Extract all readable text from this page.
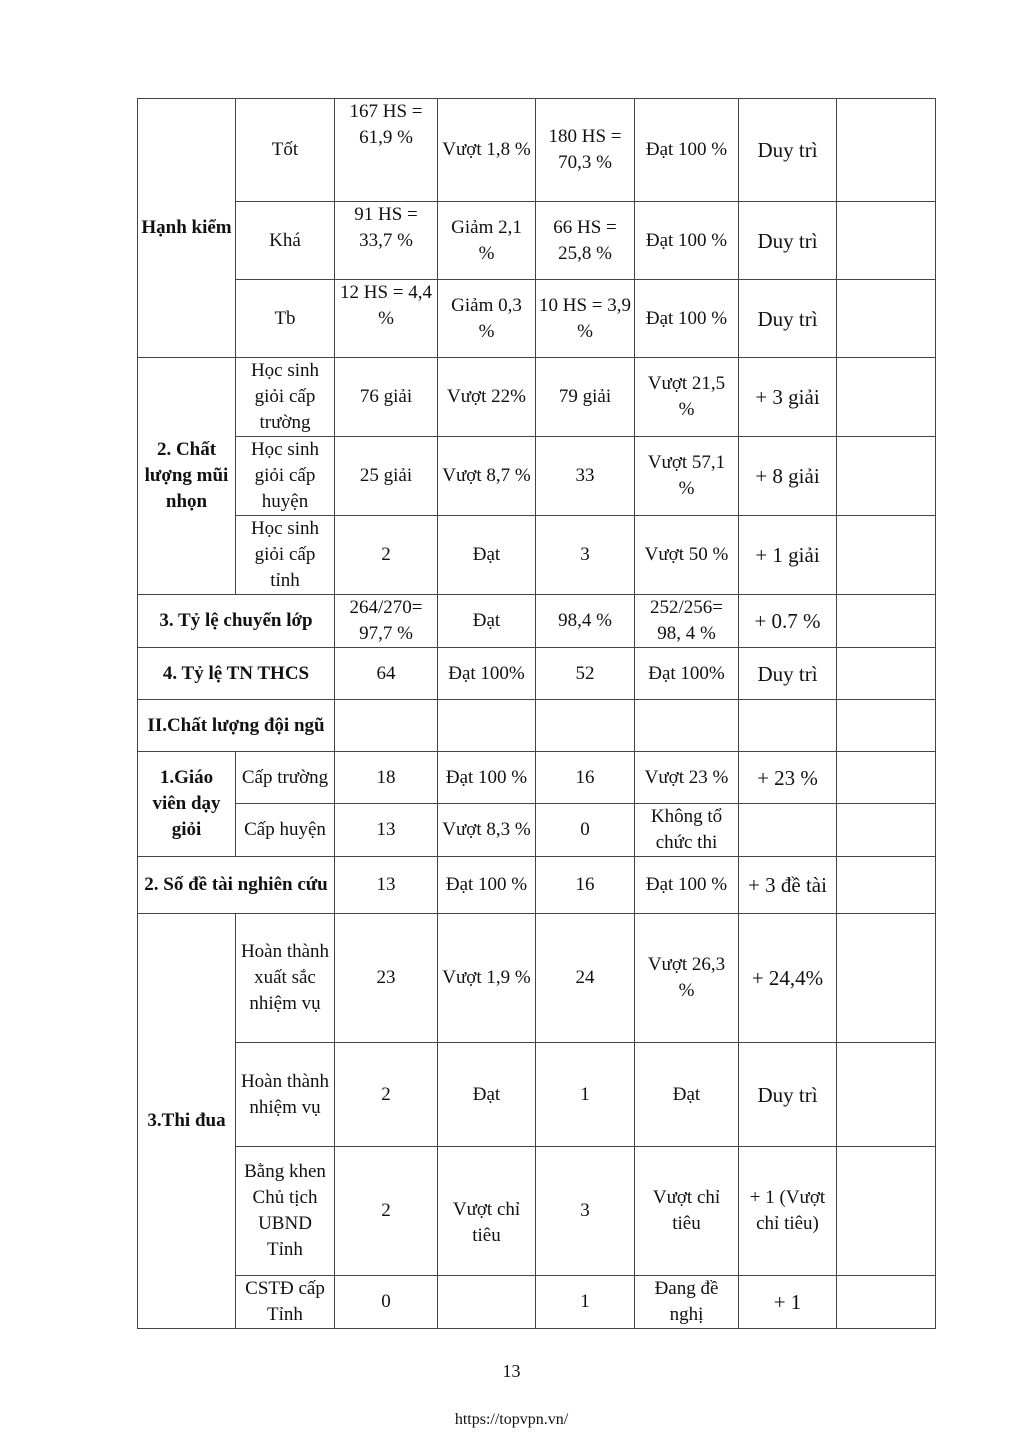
Hạnh kiểm	Tốt	167 HS = 61,9 %	Vượt 1,8 %	180 HS = 70,3 %	Đạt 100 %	Duy trì	
	Khá	91 HS = 33,7 %	Giảm 2,1 %	66 HS = 25,8 %	Đạt 100 %	Duy trì	
	Tb	12 HS = 4,4 %	Giảm 0,3 %	10 HS = 3,9 %	Đạt 100 %	Duy trì	
2. Chất lượng mũi nhọn	Học sinh giỏi cấp trường	76 giải	Vượt 22%	79 giải	Vượt 21,5 %	+ 3 giải	
	Học sinh giỏi cấp huyện	25 giải	Vượt 8,7 %	33	Vượt 57,1 %	+ 8 giải	
	Học sinh giỏi cấp tỉnh	2	Đạt	3	Vượt 50 %	+ 1 giải	
3. Tỷ lệ chuyển lớp		264/270= 97,7 %	Đạt	98,4 %	252/256= 98, 4 %	+ 0.7 %	
4. Tỷ lệ TN THCS		64	Đạt 100%	52	Đạt 100%	Duy trì	
II.Chất lượng đội ngũ							
1.Giáo viên dạy giỏi	Cấp trường	18	Đạt 100 %	16	Vượt 23 %	+ 23 %	
	Cấp huyện	13	Vượt 8,3 %	0	Không tổ chức thi		
2. Số đề tài nghiên cứu		13	Đạt 100 %	16	Đạt 100 %	+ 3 đề tài	
3.Thi đua	Hoàn thành xuất sắc nhiệm vụ	23	Vượt 1,9 %	24	Vượt 26,3 %	+ 24,4%	
	Hoàn thành nhiệm vụ	2	Đạt	1	Đạt	Duy trì	
	Bằng khen Chủ tịch UBND Tỉnh	2	Vượt chỉ tiêu	3	Vượt chỉ tiêu	+ 1 (Vượt chỉ tiêu)	
	CSTĐ cấp Tỉnh	0		1	Đang đề nghị	+ 1	
13
https://topvpn.vn/
